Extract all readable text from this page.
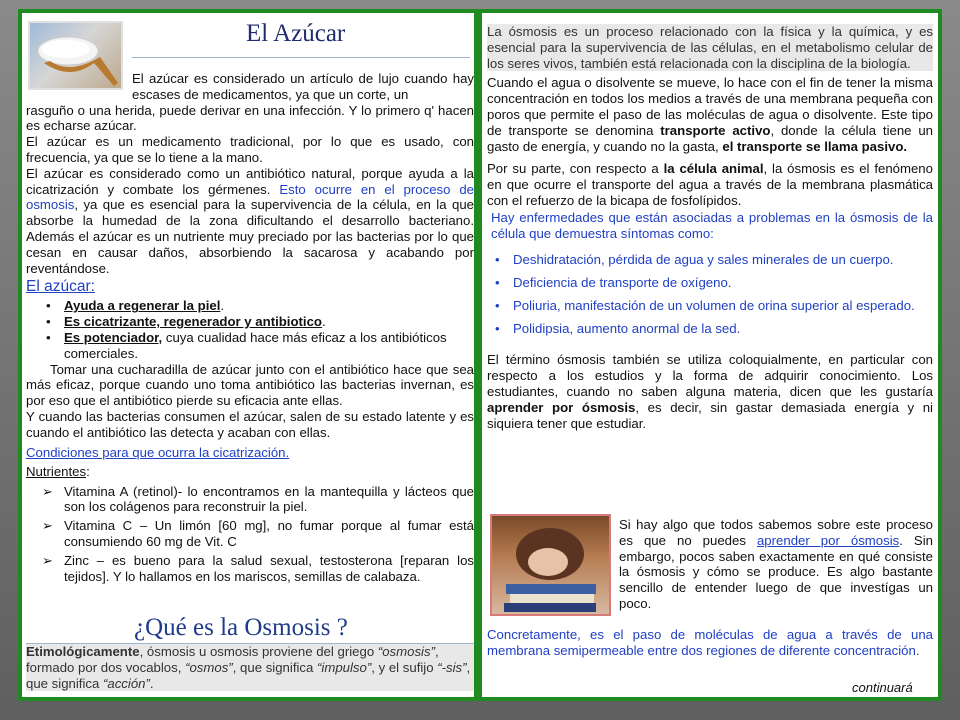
El Azúcar

El azúcar es considerado un artículo de lujo cuando hay escases de medicamentos, ya que un corte, un

rasguño o una herida, puede derivar en una infección. Y lo primero q' hacen es echarse azúcar.

El azúcar es un medicamento tradicional, por lo que es usado, con frecuencia, ya que se lo tiene a la mano.

El azúcar es considerado como un antibiótico natural, porque ayuda a la cicatrización y combate los gérmenes. Esto ocurre en el proceso de osmosis, ya que es esencial para la supervivencia de la célula, en la que absorbe la humedad de la zona dificultando el desarrollo bacteriano. Además el azúcar es un nutriente muy preciado por las bacterias por lo que cesan en causar daños, absorbiendo la sacarosa y acabando por reventándose.

El azúcar:
• Ayuda a regenerar la piel.
• Es cicatrizante, regenerador y antibiotico.
• Es potenciador, cuya cualidad hace más eficaz a los antibióticos comerciales.

Tomar una cucharadilla de azúcar junto con el antibiótico hace que sea más eficaz, porque cuando uno toma antibiótico las bacterias invernan, es por eso que el antibiótico pierde su eficacia ante ellas.

Y cuando las bacterias consumen el azúcar, salen de su estado latente y es cuando el antibiótico las detecta y acaban con ellas.

Condiciones para que ocurra la cicatrización.
Nutrientes:
➢ Vitamina A (retinol)- lo encontramos en la mantequilla y lácteos que son los colágenos para reconstruir la piel.
➢ Vitamina C – Un limón [60 mg], no fumar porque al fumar está consumiendo 60 mg de Vit. C
➢ Zinc – es bueno para la salud sexual, testosterona [reparan los tejidos]. Y lo hallamos en los mariscos, semillas de calabaza.
¿Qué es la Osmosis ?

Etimológicamente, ósmosis u osmosis proviene del griego “osmosis”, formado por dos vocablos, “osmos”, que significa “impulso”, y el sufijo “-sis”, que significa “acción”.

La ósmosis es un proceso relacionado con la física y la química, y es esencial para la supervivencia de las células, en el metabolismo celular de los seres vivos, también está relacionada con la disciplina de la biología.

Cuando el agua o disolvente se mueve, lo hace con el fin de tener la misma concentración en todos los medios a través de una membrana pequeña con poros que permite el paso de las moléculas de agua o disolvente. Este tipo de transporte se denomina transporte activo, donde la célula tiene un gasto de energía, y cuando no la gasta, el transporte se llama pasivo.

Por su parte, con respecto a la célula animal, la ósmosis es el fenómeno en que ocurre el transporte del agua a través de la membrana plasmática con el refuerzo de la bicapa de fosfolípidos.

Hay enfermedades que están asociadas a problemas en la ósmosis de la célula que demuestra síntomas como:

• Deshidratación, pérdida de agua y sales minerales de un cuerpo.
• Deficiencia de transporte de oxígeno.
• Poliuria, manifestación de un volumen de orina superior al esperado.
• Polidipsia, aumento anormal de la sed.

El término ósmosis también se utiliza coloquialmente, en particular con respecto a los estudios y la forma de adquirir conocimiento. Los estudiantes, cuando no saben alguna materia, dicen que les gustaría aprender por ósmosis, es decir, sin gastar demasiada energía y ni siquiera tener que estudiar.

Si hay algo que todos sabemos sobre este proceso es que no puedes aprender por ósmosis. Sin embargo, pocos saben exactamente en qué consiste la ósmosis y cómo se produce. Es algo bastante sencillo de entender luego de que investígas un poco.

Concretamente, es el paso de moléculas de agua a través de una membrana semipermeable entre dos regiones de diferente concentración.

continuará
